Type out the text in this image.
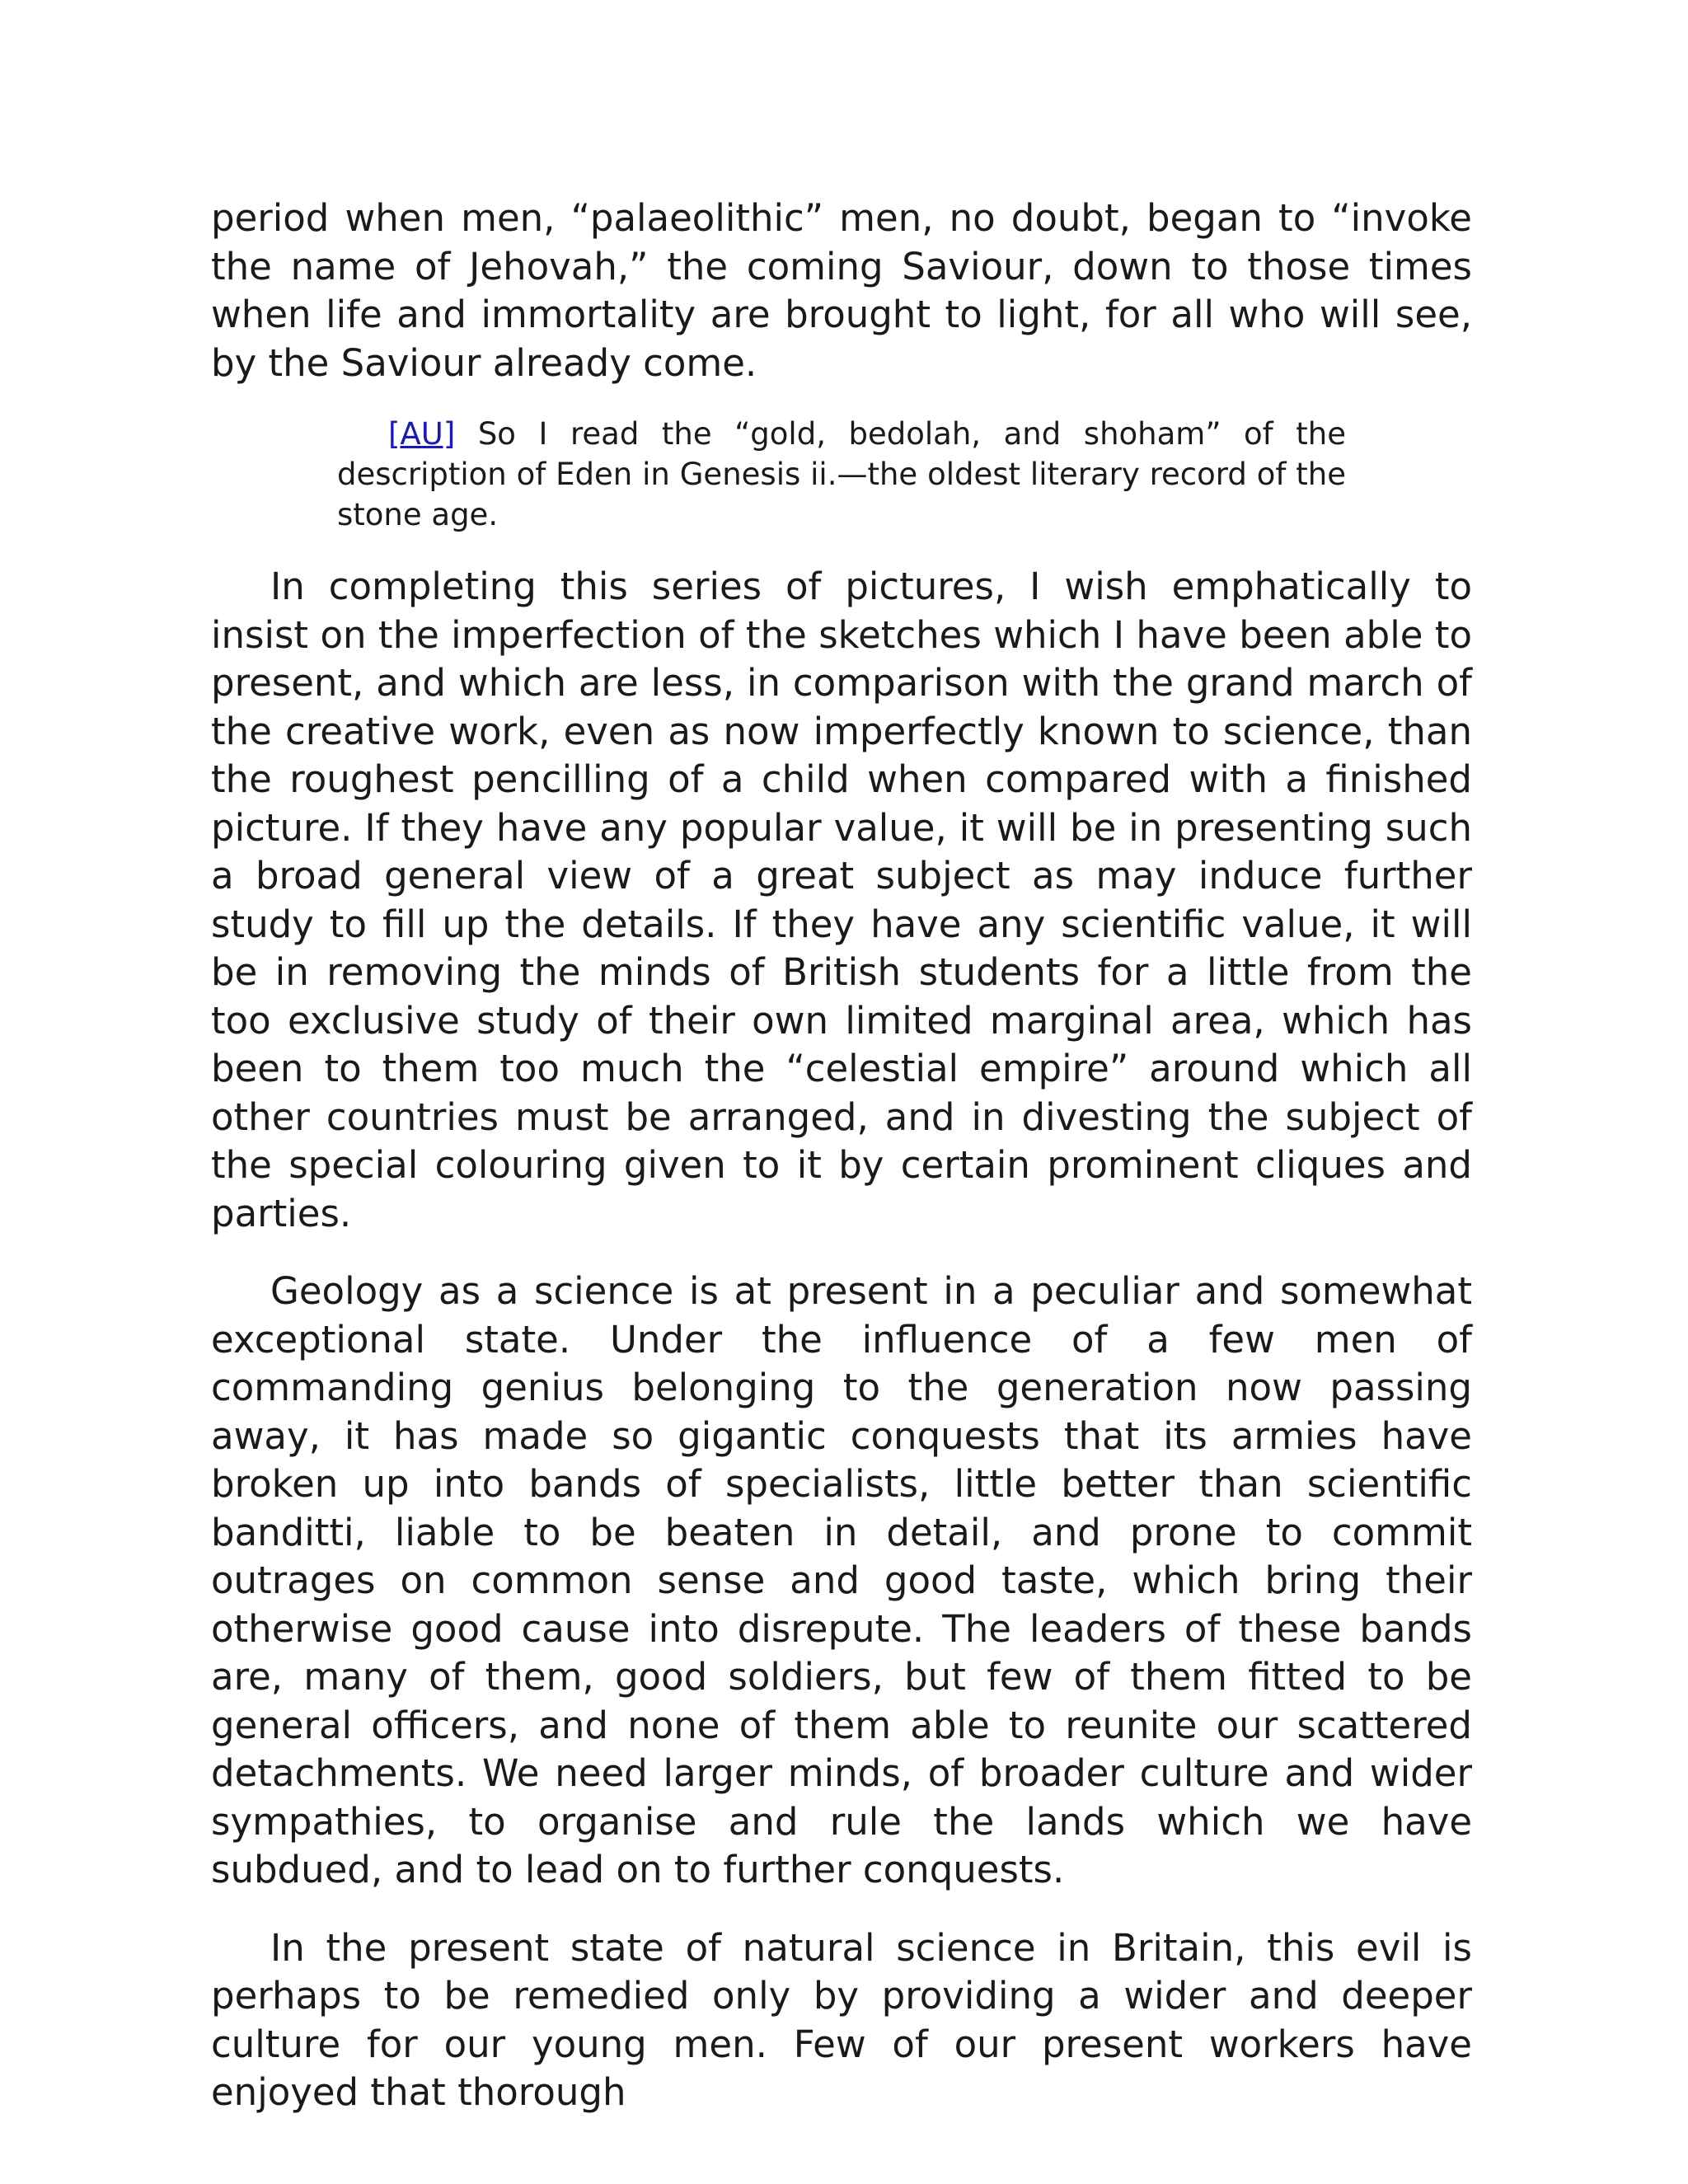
period when men, “palaeolithic” men, no doubt, began to “invoke the name of Jehovah,” the coming Saviour, down to those times when life and immortality are brought to light, for all who will see, by the Saviour already come.

[AU] So I read the “gold, bedolah, and shoham” of the description of Eden in Genesis ii.—the oldest literary record of the stone age.

In completing this series of pictures, I wish emphatically to insist on the imperfection of the sketches which I have been able to present, and which are less, in comparison with the grand march of the creative work, even as now imperfectly known to science, than the roughest pencilling of a child when compared with a finished picture. If they have any popular value, it will be in presenting such a broad general view of a great subject as may induce further study to fill up the details. If they have any scientific value, it will be in removing the minds of British students for a little from the too exclusive study of their own limited marginal area, which has been to them too much the “celestial empire” around which all other countries must be arranged, and in divesting the subject of the special colouring given to it by certain prominent cliques and parties.

Geology as a science is at present in a peculiar and somewhat exceptional state. Under the influence of a few men of commanding genius belonging to the generation now passing away, it has made so gigantic conquests that its armies have broken up into bands of specialists, little better than scientific banditti, liable to be beaten in detail, and prone to commit outrages on common sense and good taste, which bring their otherwise good cause into disrepute. The leaders of these bands are, many of them, good soldiers, but few of them fitted to be general officers, and none of them able to reunite our scattered detachments. We need larger minds, of broader culture and wider sympathies, to organise and rule the lands which we have subdued, and to lead on to further conquests.

In the present state of natural science in Britain, this evil is perhaps to be remedied only by providing a wider and deeper culture for our young men. Few of our present workers have enjoyed that thorough
